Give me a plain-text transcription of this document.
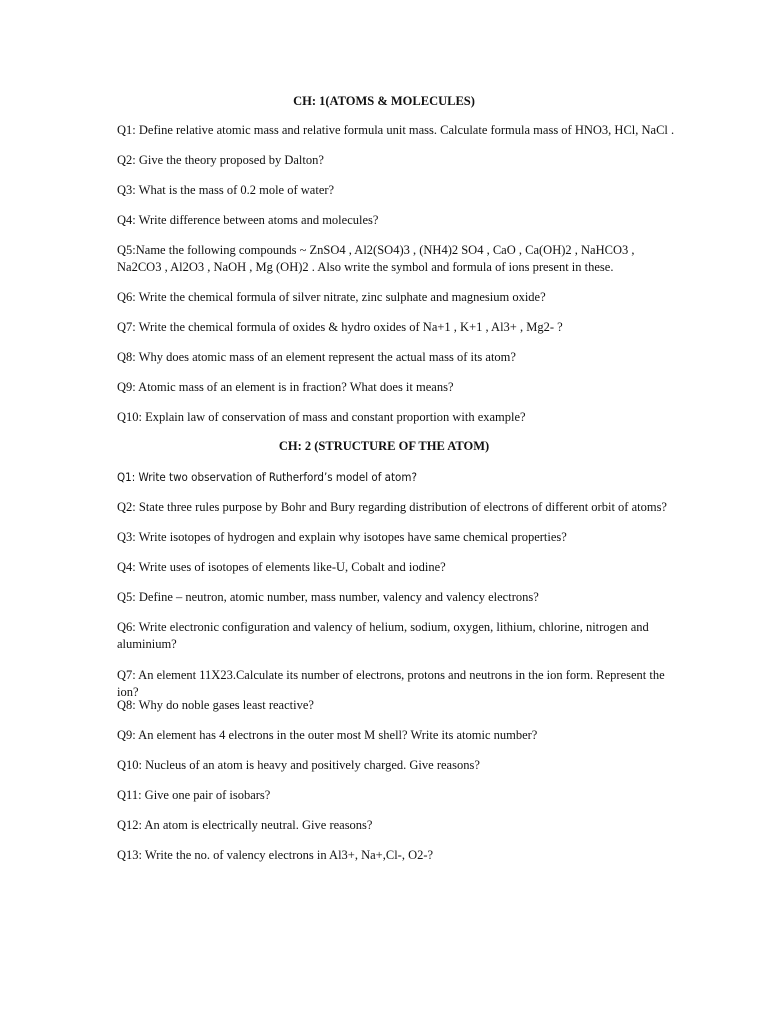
CH: 1(ATOMS & MOLECULES)
Q1: Define relative atomic mass and relative formula unit mass. Calculate formula mass of HNO3, HCl, NaCl .
Q2: Give the theory proposed by Dalton?
Q3: What is the mass of 0.2 mole of water?
Q4: Write difference between atoms and molecules?
Q5:Name the following compounds ~ ZnSO4 , Al2(SO4)3 , (NH4)2 SO4 , CaO , Ca(OH)2 , NaHCO3 , Na2CO3 , Al2O3 , NaOH , Mg (OH)2 . Also write the symbol and formula of ions present in these.
Q6: Write the chemical formula of silver nitrate, zinc sulphate and magnesium oxide?
Q7: Write the chemical formula of oxides & hydro oxides of Na+1 , K+1 , Al3+ , Mg2- ?
Q8: Why does atomic mass of an element represent the actual mass of its atom?
Q9: Atomic mass of an element is in fraction? What does it means?
Q10: Explain law of conservation of mass and constant proportion with example?
CH: 2 (STRUCTURE OF THE ATOM)
Q1: Write two observation of Rutherford’s model of atom?
Q2: State three rules purpose by Bohr and Bury regarding distribution of electrons of different orbit of atoms?
Q3: Write isotopes of hydrogen and explain why isotopes have same chemical properties?
Q4: Write uses of isotopes of elements like-U, Cobalt and iodine?
Q5: Define – neutron, atomic number, mass number, valency and valency electrons?
Q6: Write electronic configuration and valency of helium, sodium, oxygen, lithium, chlorine, nitrogen and aluminium?
Q7: An element 11X23.Calculate its number of electrons, protons and neutrons in the ion form. Represent the ion?
Q8: Why do noble gases least reactive?
Q9: An element has 4 electrons in the outer most M shell? Write its atomic number?
Q10: Nucleus of an atom is heavy and positively charged. Give reasons?
Q11: Give one pair of isobars?
Q12: An atom is electrically neutral. Give reasons?
Q13: Write the no. of valency electrons in Al3+, Na+,Cl-, O2-?
